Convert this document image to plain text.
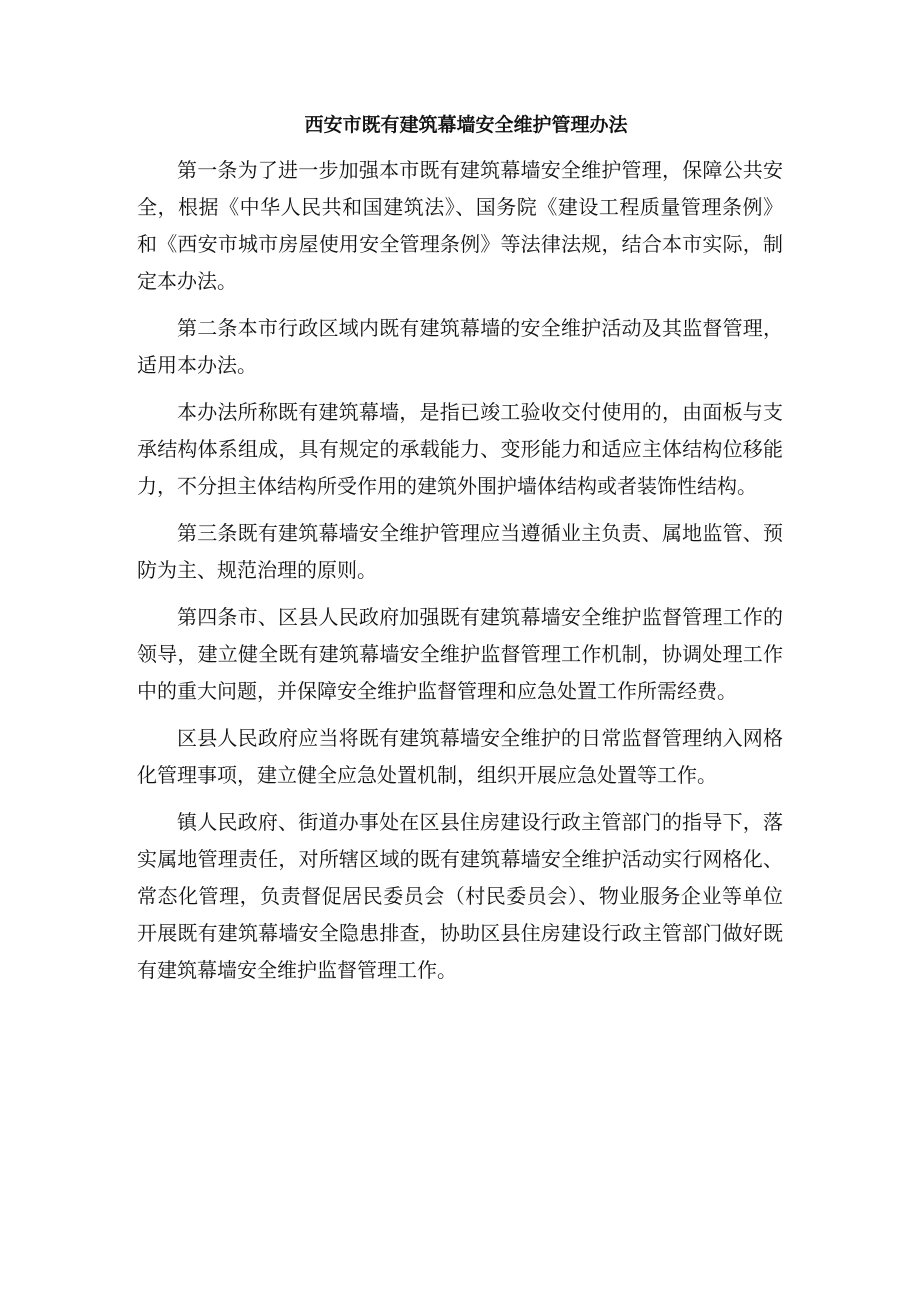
西安市既有建筑幕墙安全维护管理办法

第一条为了进一步加强本市既有建筑幕墙安全维护管理，保障公共安全，根据《中华人民共和国建筑法》、国务院《建设工程质量管理条例》和《西安市城市房屋使用安全管理条例》等法律法规，结合本市实际，制定本办法。

第二条本市行政区域内既有建筑幕墙的安全维护活动及其监督管理，适用本办法。

本办法所称既有建筑幕墙，是指已竣工验收交付使用的，由面板与支承结构体系组成，具有规定的承载能力、变形能力和适应主体结构位移能力，不分担主体结构所受作用的建筑外围护墙体结构或者装饰性结构。

第三条既有建筑幕墙安全维护管理应当遵循业主负责、属地监管、预防为主、规范治理的原则。

第四条市、区县人民政府加强既有建筑幕墙安全维护监督管理工作的领导，建立健全既有建筑幕墙安全维护监督管理工作机制，协调处理工作中的重大问题，并保障安全维护监督管理和应急处置工作所需经费。

区县人民政府应当将既有建筑幕墙安全维护的日常监督管理纳入网格化管理事项，建立健全应急处置机制，组织开展应急处置等工作。

镇人民政府、街道办事处在区县住房建设行政主管部门的指导下，落实属地管理责任，对所辖区域的既有建筑幕墙安全维护活动实行网格化、常态化管理，负责督促居民委员会（村民委员会）、物业服务企业等单位开展既有建筑幕墙安全隐患排查，协助区县住房建设行政主管部门做好既有建筑幕墙安全维护监督管理工作。
